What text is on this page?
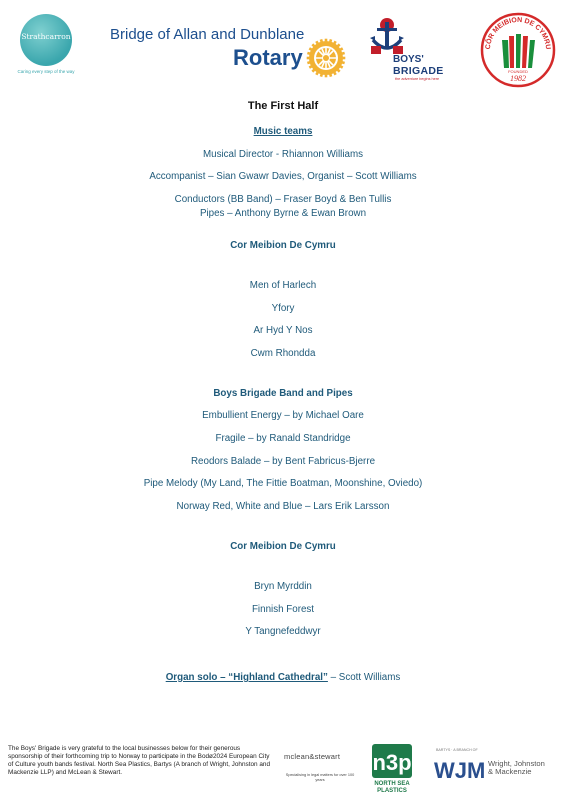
Strathcarron
Caring every step of the way
Bridge of Allan and Dunblane
Rotary	BOYS'
BRIGADE
the adventure begins here
CÔR MEIBION DE CYMRU
FOUNDED
1982
The First Half
Music teams
Musical Director - Rhiannon Williams
Accompanist – Sian Gwawr Davies, Organist – Scott Williams
Conductors (BB Band) – Fraser Boyd & Ben Tullis
Pipes – Anthony Byrne & Ewan Brown
Cor Meibion De Cymru
Men of Harlech
Yfory
Ar Hyd Y Nos
Cwm Rhondda
Boys Brigade Band and Pipes
Embullient Energy – by Michael Oare
Fragile – by Ranald Standridge
Reodors Balade – by Bent Fabricus-Bjerre
Pipe Melody (My Land, The Fittie Boatman, Moonshine, Oviedo)
Norway Red, White and Blue – Lars Erik Larsson
Cor Meibion De Cymru
Bryn Myrddin
Finnish Forest
Y Tangnefeddwyr
Organ solo – “Highland Cathedral” – Scott Williams
The Boys' Brigade is very grateful to the local businesses below for their generous sponsorship of their forthcoming trip to Norway to participate in the Bodø2024 European City of Culture youth bands festival. North Sea Plastics, Bartys (A branch of Wright, Johnston and Mackenzie LLP) and McLean & Stewart.
mclean&stewart
Specialising in legal matters for over 100 years
n3p
NORTH SEA
PLASTICS
BARTYS · A BRANCH OF
WJM Wright, Johnston
& Mackenzie
